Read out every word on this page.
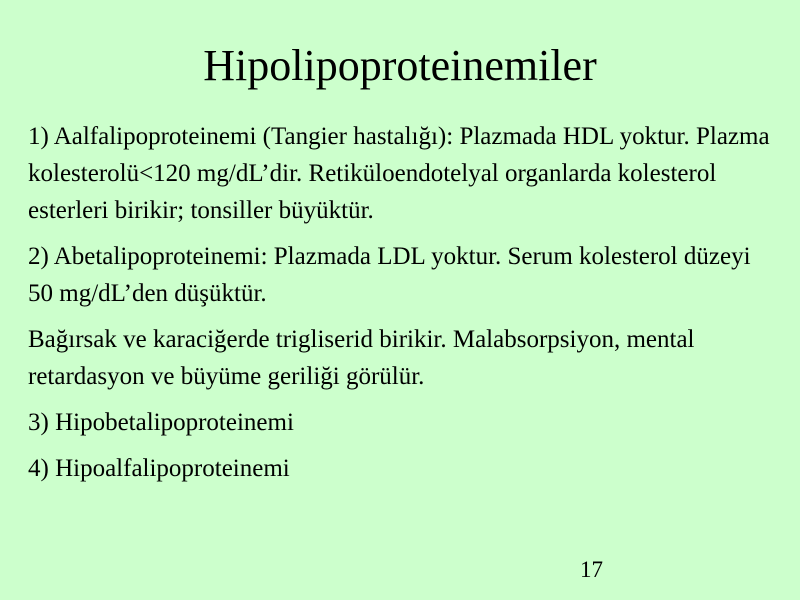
Hipolipoproteinemiler

1) Aalfalipoproteinemi (Tangier hastalığı): Plazmada HDL yoktur. Plazma kolesterolü<120 mg/dL’dir. Retiküloendotelyal organlarda kolesterol esterleri birikir; tonsiller büyüktür.

2) Abetalipoproteinemi: Plazmada LDL yoktur. Serum kolesterol düzeyi 50 mg/dL’den düşüktür.

Bağırsak ve karaciğerde trigliserid birikir. Malabsorpsiyon, mental retardasyon ve büyüme geriliği görülür.

3) Hipobetalipoproteinemi

4) Hipoalfalipoproteinemi

17
